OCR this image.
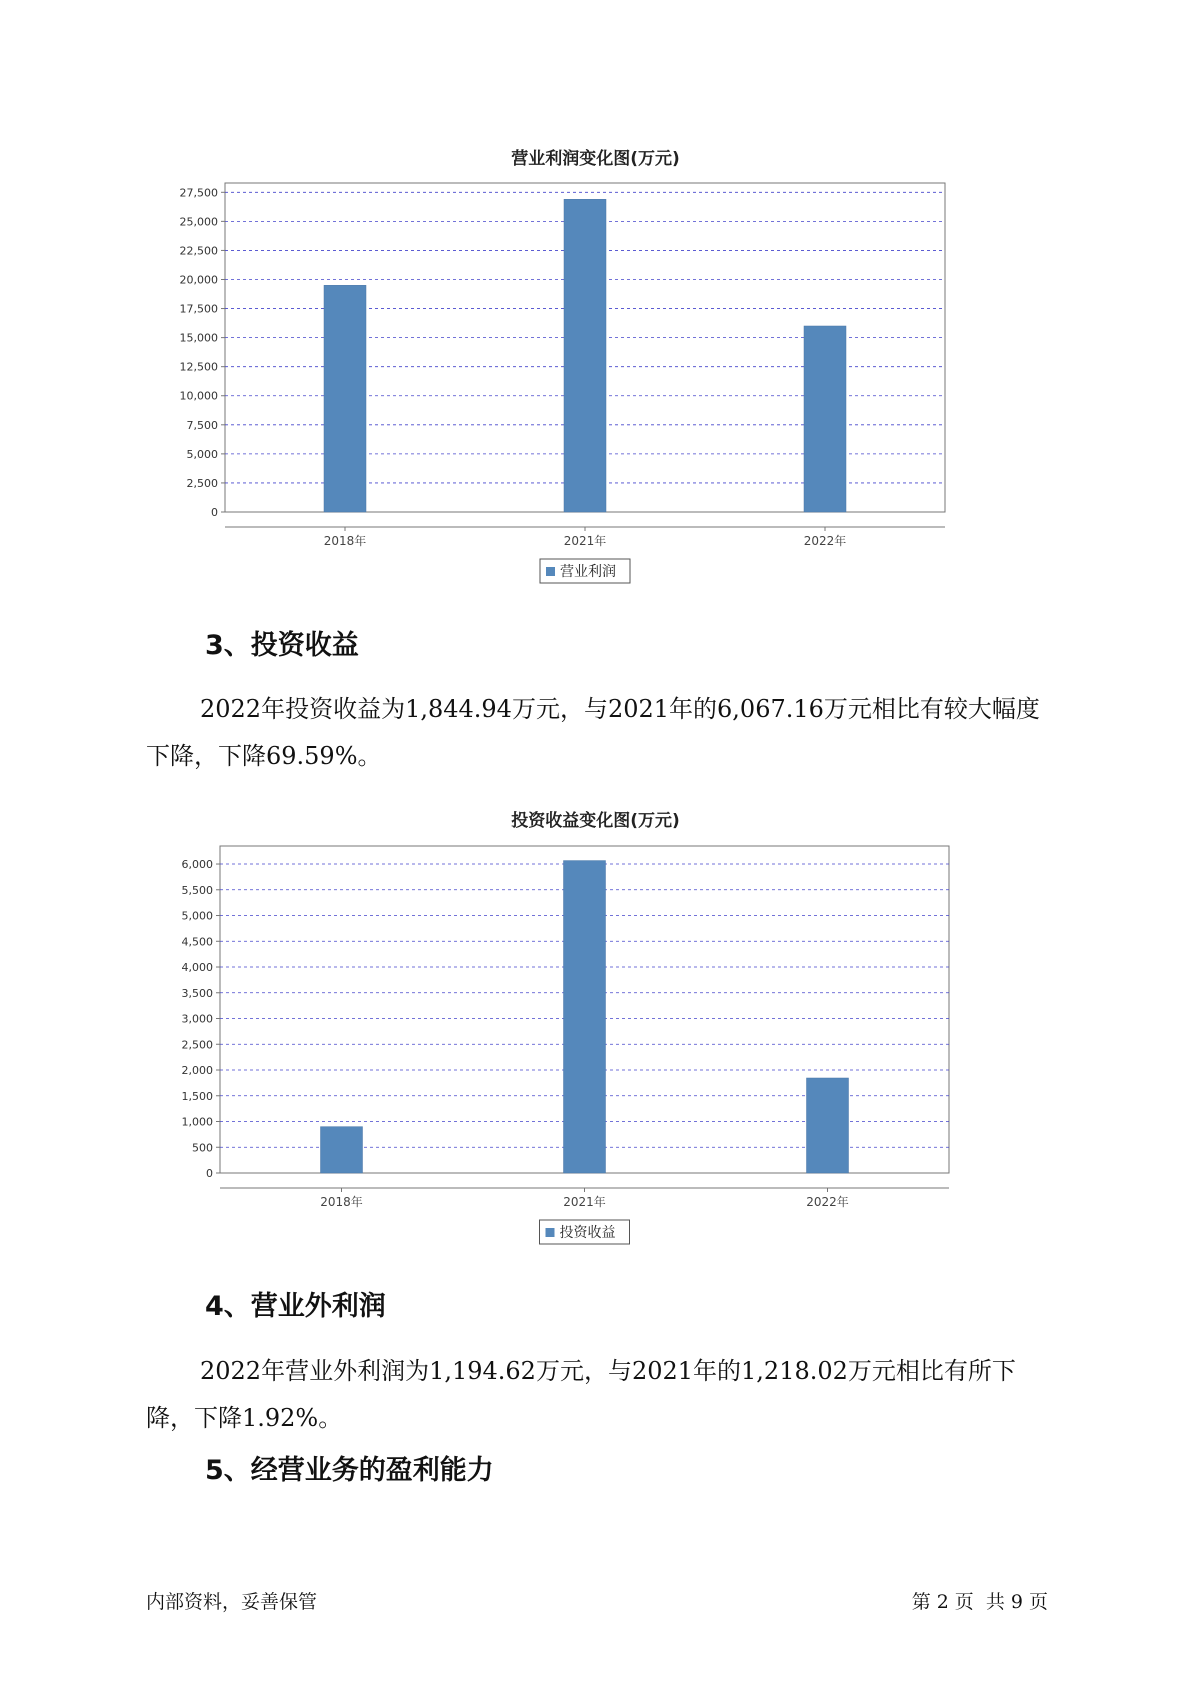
营业利润变化图(万元)
0
2,500
5,000
7,500
10,000
12,500
15,000
17,500
20,000
22,500
25,000
27,500
2018年	2021年	2022年
营业利润
3、投资收益

2022年投资收益为1,844.94万元，与2021年的6,067.16万元相比有较大幅度下降，下降69.59%。

投资收益变化图(万元)
0
500
1,000
1,500
2,000
2,500
3,000
3,500
4,000
4,500
5,000
5,500
6,000
2018年	2021年	2022年
投资收益
4、营业外利润

2022年营业外利润为1,194.62万元，与2021年的1,218.02万元相比有所下降，下降1.92%。

5、经营业务的盈利能力
内部资料，妥善保管	第 2 页  共 9 页
